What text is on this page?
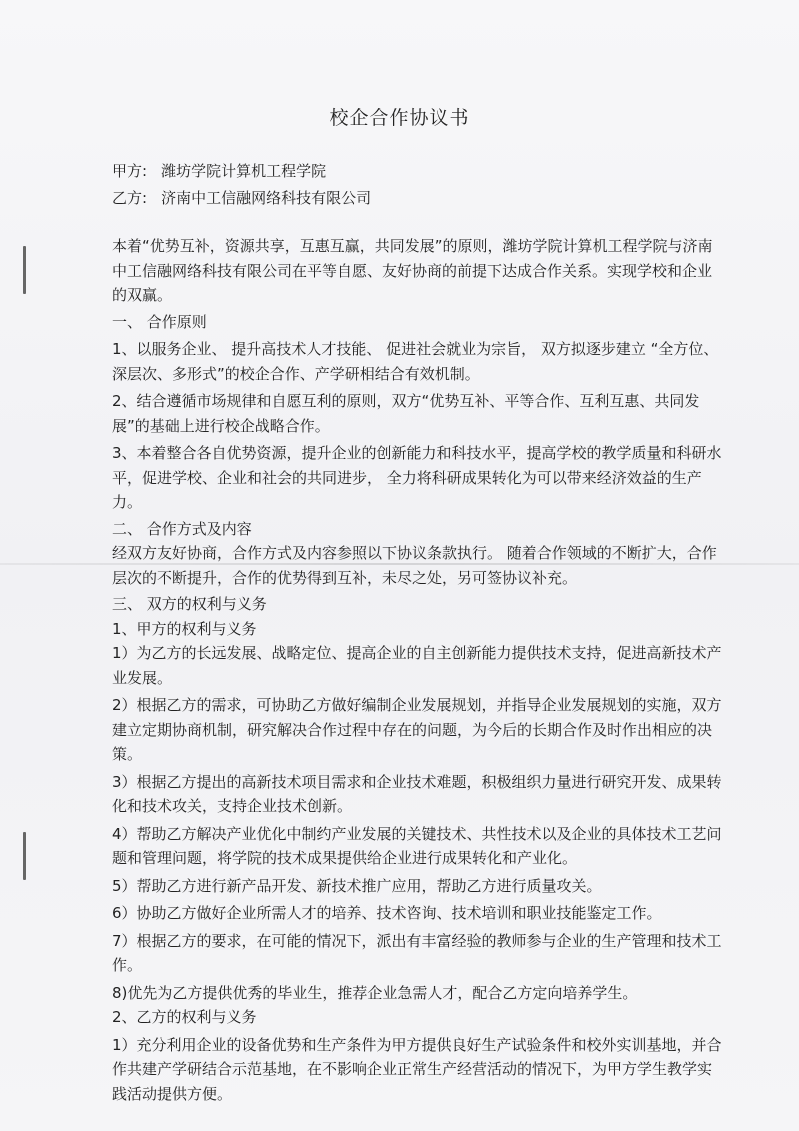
校企合作协议书
甲方: 潍坊学院计算机工程学院
乙方: 济南中工信融网络科技有限公司

本着“优势互补，资源共享，互惠互赢，共同发展”的原则，潍坊学院计算机工程学院与济南中工信融网络科技有限公司在平等自愿、友好协商的前提下达成合作关系。实现学校和企业的双赢。

一、 合作原则

1、以服务企业、 提升高技术人才技能、 促进社会就业为宗旨， 双方拟逐步建立 “全方位、深层次、多形式”的校企合作、产学研相结合有效机制。

2、结合遵循市场规律和自愿互利的原则，双方“优势互补、平等合作、互利互惠、共同发展”的基础上进行校企战略合作。

3、本着整合各自优势资源，提升企业的创新能力和科技水平，提高学校的教学质量和科研水平，促进学校、企业和社会的共同进步， 全力将科研成果转化为可以带来经济效益的生产力。

二、 合作方式及内容

经双方友好协商，合作方式及内容参照以下协议条款执行。 随着合作领域的不断扩大，合作层次的不断提升，合作的优势得到互补，未尽之处，另可签协议补充。

三、 双方的权利与义务

1、甲方的权利与义务

1）为乙方的长远发展、战略定位、提高企业的自主创新能力提供技术支持，促进高新技术产业发展。

2）根据乙方的需求，可协助乙方做好编制企业发展规划，并指导企业发展规划的实施，双方建立定期协商机制，研究解决合作过程中存在的问题，为今后的长期合作及时作出相应的决策。

3）根据乙方提出的高新技术项目需求和企业技术难题，积极组织力量进行研究开发、成果转化和技术攻关，支持企业技术创新。

4）帮助乙方解决产业优化中制约产业发展的关键技术、共性技术以及企业的具体技术工艺问题和管理问题，将学院的技术成果提供给企业进行成果转化和产业化。

5）帮助乙方进行新产品开发、新技术推广应用，帮助乙方进行质量攻关。

6）协助乙方做好企业所需人才的培养、技术咨询、技术培训和职业技能鉴定工作。

7）根据乙方的要求，在可能的情况下，派出有丰富经验的教师参与企业的生产管理和技术工作。

8)优先为乙方提供优秀的毕业生，推荐企业急需人才，配合乙方定向培养学生。

2、乙方的权利与义务

1）充分利用企业的设备优势和生产条件为甲方提供良好生产试验条件和校外实训基地，并合作共建产学研结合示范基地，在不影响企业正常生产经营活动的情况下，为甲方学生教学实践活动提供方便。
